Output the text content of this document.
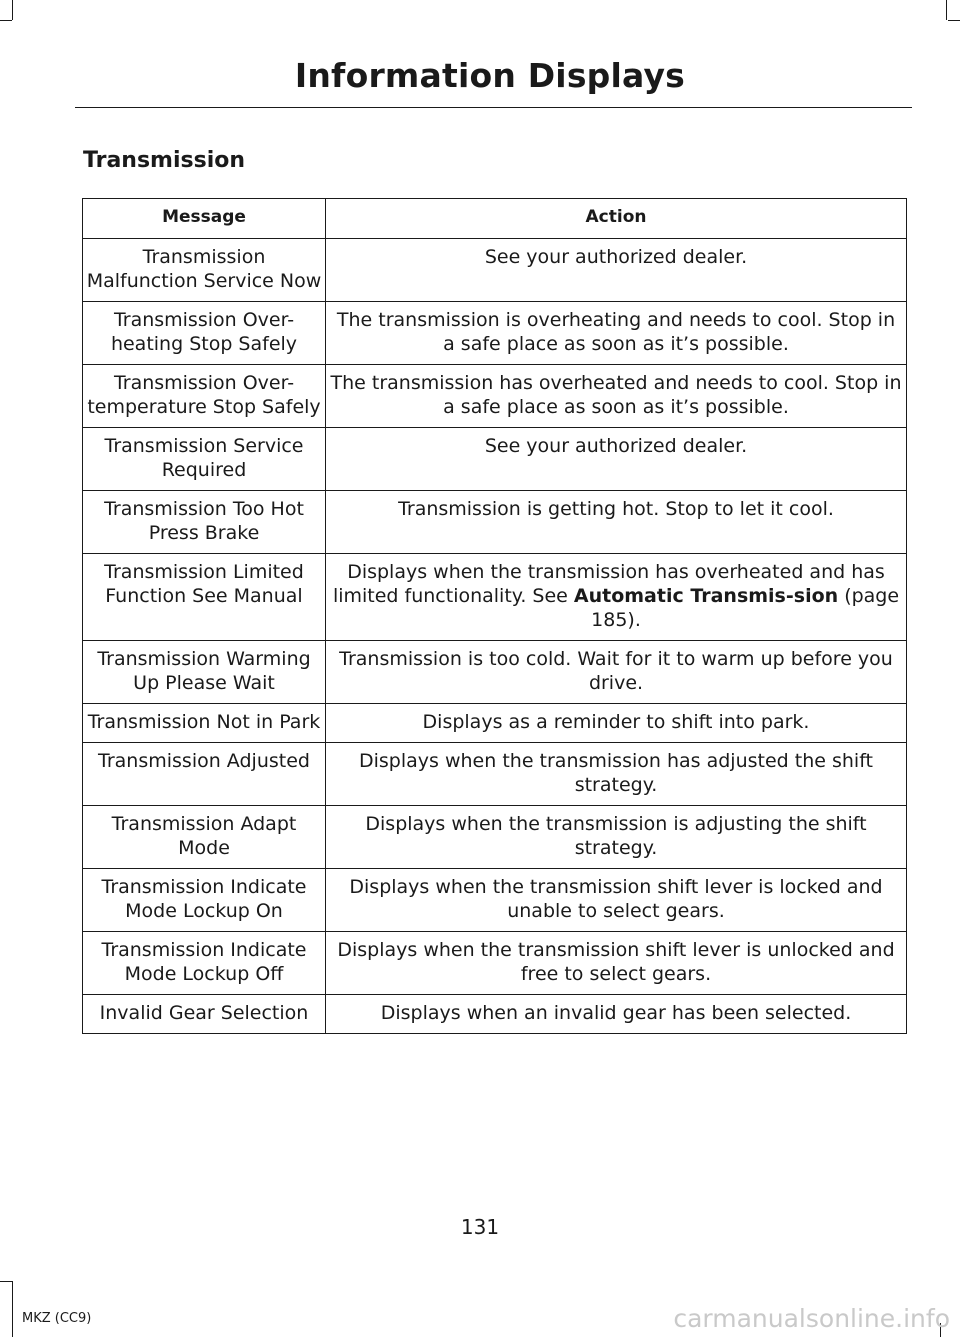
Information Displays
Transmission
Message	Action
Transmission Malfunction Service Now	See your authorized dealer.
Transmission Over-heating Stop Safely	The transmission is overheating and needs to cool. Stop in a safe place as soon as it’s possible.
Transmission Over-temperature Stop Safely	The transmission has overheated and needs to cool. Stop in a safe place as soon as it’s possible.
Transmission Service Required	See your authorized dealer.
Transmission Too Hot Press Brake	Transmission is getting hot. Stop to let it cool.
Transmission Limited Function See Manual	Displays when the transmission has overheated and has limited functionality. See Automatic Transmis-sion (page 185).
Transmission Warming Up Please Wait	Transmission is too cold. Wait for it to warm up before you drive.
Transmission Not in Park	Displays as a reminder to shift into park.
Transmission Adjusted	Displays when the transmission has adjusted the shift strategy.
Transmission Adapt Mode	Displays when the transmission is adjusting the shift strategy.
Transmission Indicate Mode Lockup On	Displays when the transmission shift lever is locked and unable to select gears.
Transmission Indicate Mode Lockup Off	Displays when the transmission shift lever is unlocked and free to select gears.
Invalid Gear Selection	Displays when an invalid gear has been selected.
131
MKZ (CC9)	carmanualsonline.info
